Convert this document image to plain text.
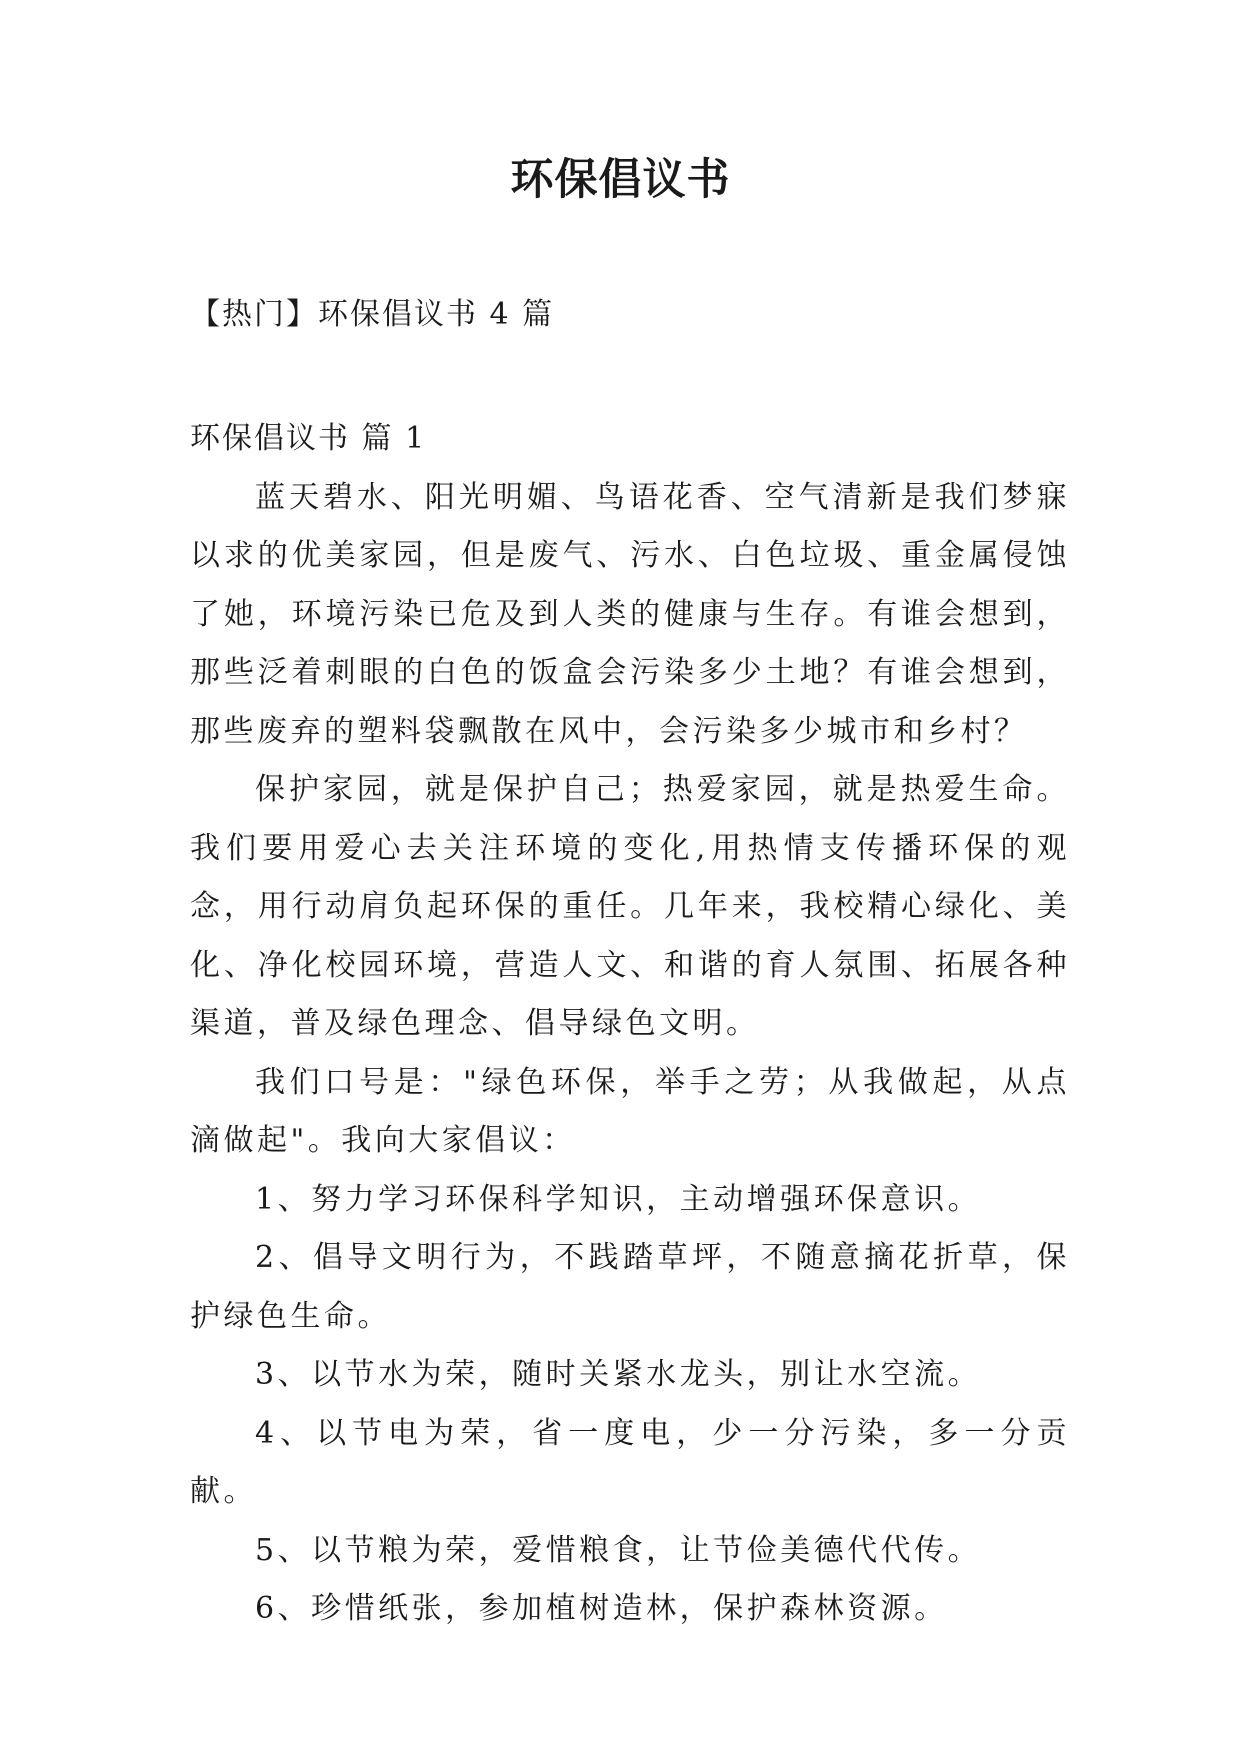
环保倡议书

【热门】环保倡议书 4 篇

环保倡议书 篇 1

蓝天碧水、阳光明媚、鸟语花香、空气清新是我们梦寐以求的优美家园，但是废气、污水、白色垃圾、重金属侵蚀了她，环境污染已危及到人类的健康与生存。有谁会想到，那些泛着刺眼的白色的饭盒会污染多少土地？有谁会想到，那些废弃的塑料袋飘散在风中，会污染多少城市和乡村？

保护家园，就是保护自己；热爱家园，就是热爱生命。我们要用爱心去关注环境的变化,用热情支传播环保的观念，用行动肩负起环保的重任。几年来，我校精心绿化、美化、净化校园环境，营造人文、和谐的育人氛围、拓展各种渠道，普及绿色理念、倡导绿色文明。

我们口号是："绿色环保，举手之劳；从我做起，从点滴做起"。我向大家倡议：

1、努力学习环保科学知识，主动增强环保意识。

2、倡导文明行为，不践踏草坪，不随意摘花折草，保护绿色生命。

3、以节水为荣，随时关紧水龙头，别让水空流。

4、以节电为荣，省一度电，少一分污染，多一分贡献。

5、以节粮为荣，爱惜粮食，让节俭美德代代传。

6、珍惜纸张，参加植树造林，保护森林资源。
